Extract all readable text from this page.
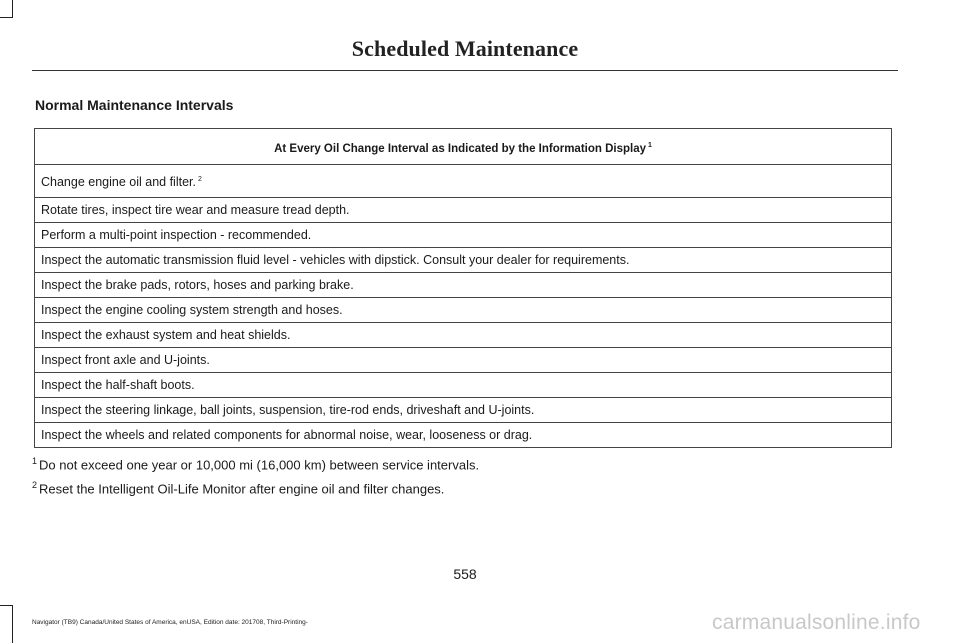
Scheduled Maintenance
Normal Maintenance Intervals
At Every Oil Change Interval as Indicated by the Information Display $^1$
Change engine oil and filter. $^2$
Rotate tires, inspect tire wear and measure tread depth.
Perform a multi-point inspection - recommended.
Inspect the automatic transmission fluid level - vehicles with dipstick. Consult your dealer for requirements.
Inspect the brake pads, rotors, hoses and parking brake.
Inspect the engine cooling system strength and hoses.
Inspect the exhaust system and heat shields.
Inspect front axle and U-joints.
Inspect the half-shaft boots.
Inspect the steering linkage, ball joints, suspension, tire-rod ends, driveshaft and U-joints.
Inspect the wheels and related components for abnormal noise, wear, looseness or drag.
$^1$ Do not exceed one year or 10,000 mi (16,000 km) between service intervals.
$^2$ Reset the Intelligent Oil-Life Monitor after engine oil and filter changes.
558
Navigator (TB9) Canada/United States of America, enUSA, Edition date: 201708, Third-Printing-	carmanualsonline.info
